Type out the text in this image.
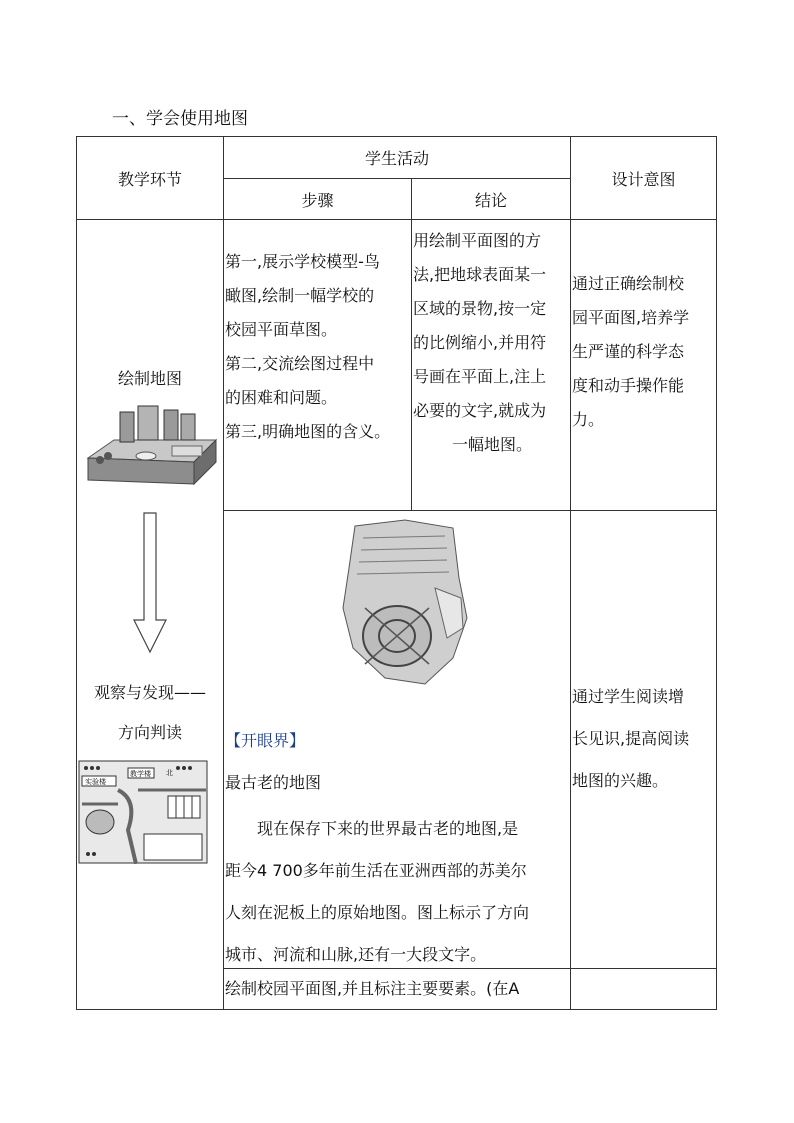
一、学会使用地图
教学环节
学生活动
步骤	结论
设计意图
绘制地图
第一,展示学校模型-鸟
瞰图,绘制一幅学校的
校园平面草图。
第二,交流绘图过程中
的困难和问题。
第三,明确地图的含义。
用绘制平面图的方
法,把地球表面某一
区域的景物,按一定
的比例缩小,并用符
号画在平面上,注上
必要的文字,就成为
一幅地图。
通过正确绘制校
园平面图,培养学
生严谨的科学态
度和动手操作能
力。
观察与发现——
方向判读
实验楼
教学楼 北
【开眼界】
最古老的地图
　　现在保存下来的世界最古老的地图,是
距今4 700多年前生活在亚洲西部的苏美尔
人刻在泥板上的原始地图。图上标示了方向
城市、河流和山脉,还有一大段文字。
通过学生阅读增
长见识,提高阅读
地图的兴趣。
绘制校园平面图,并且标注主要要素。(在A
